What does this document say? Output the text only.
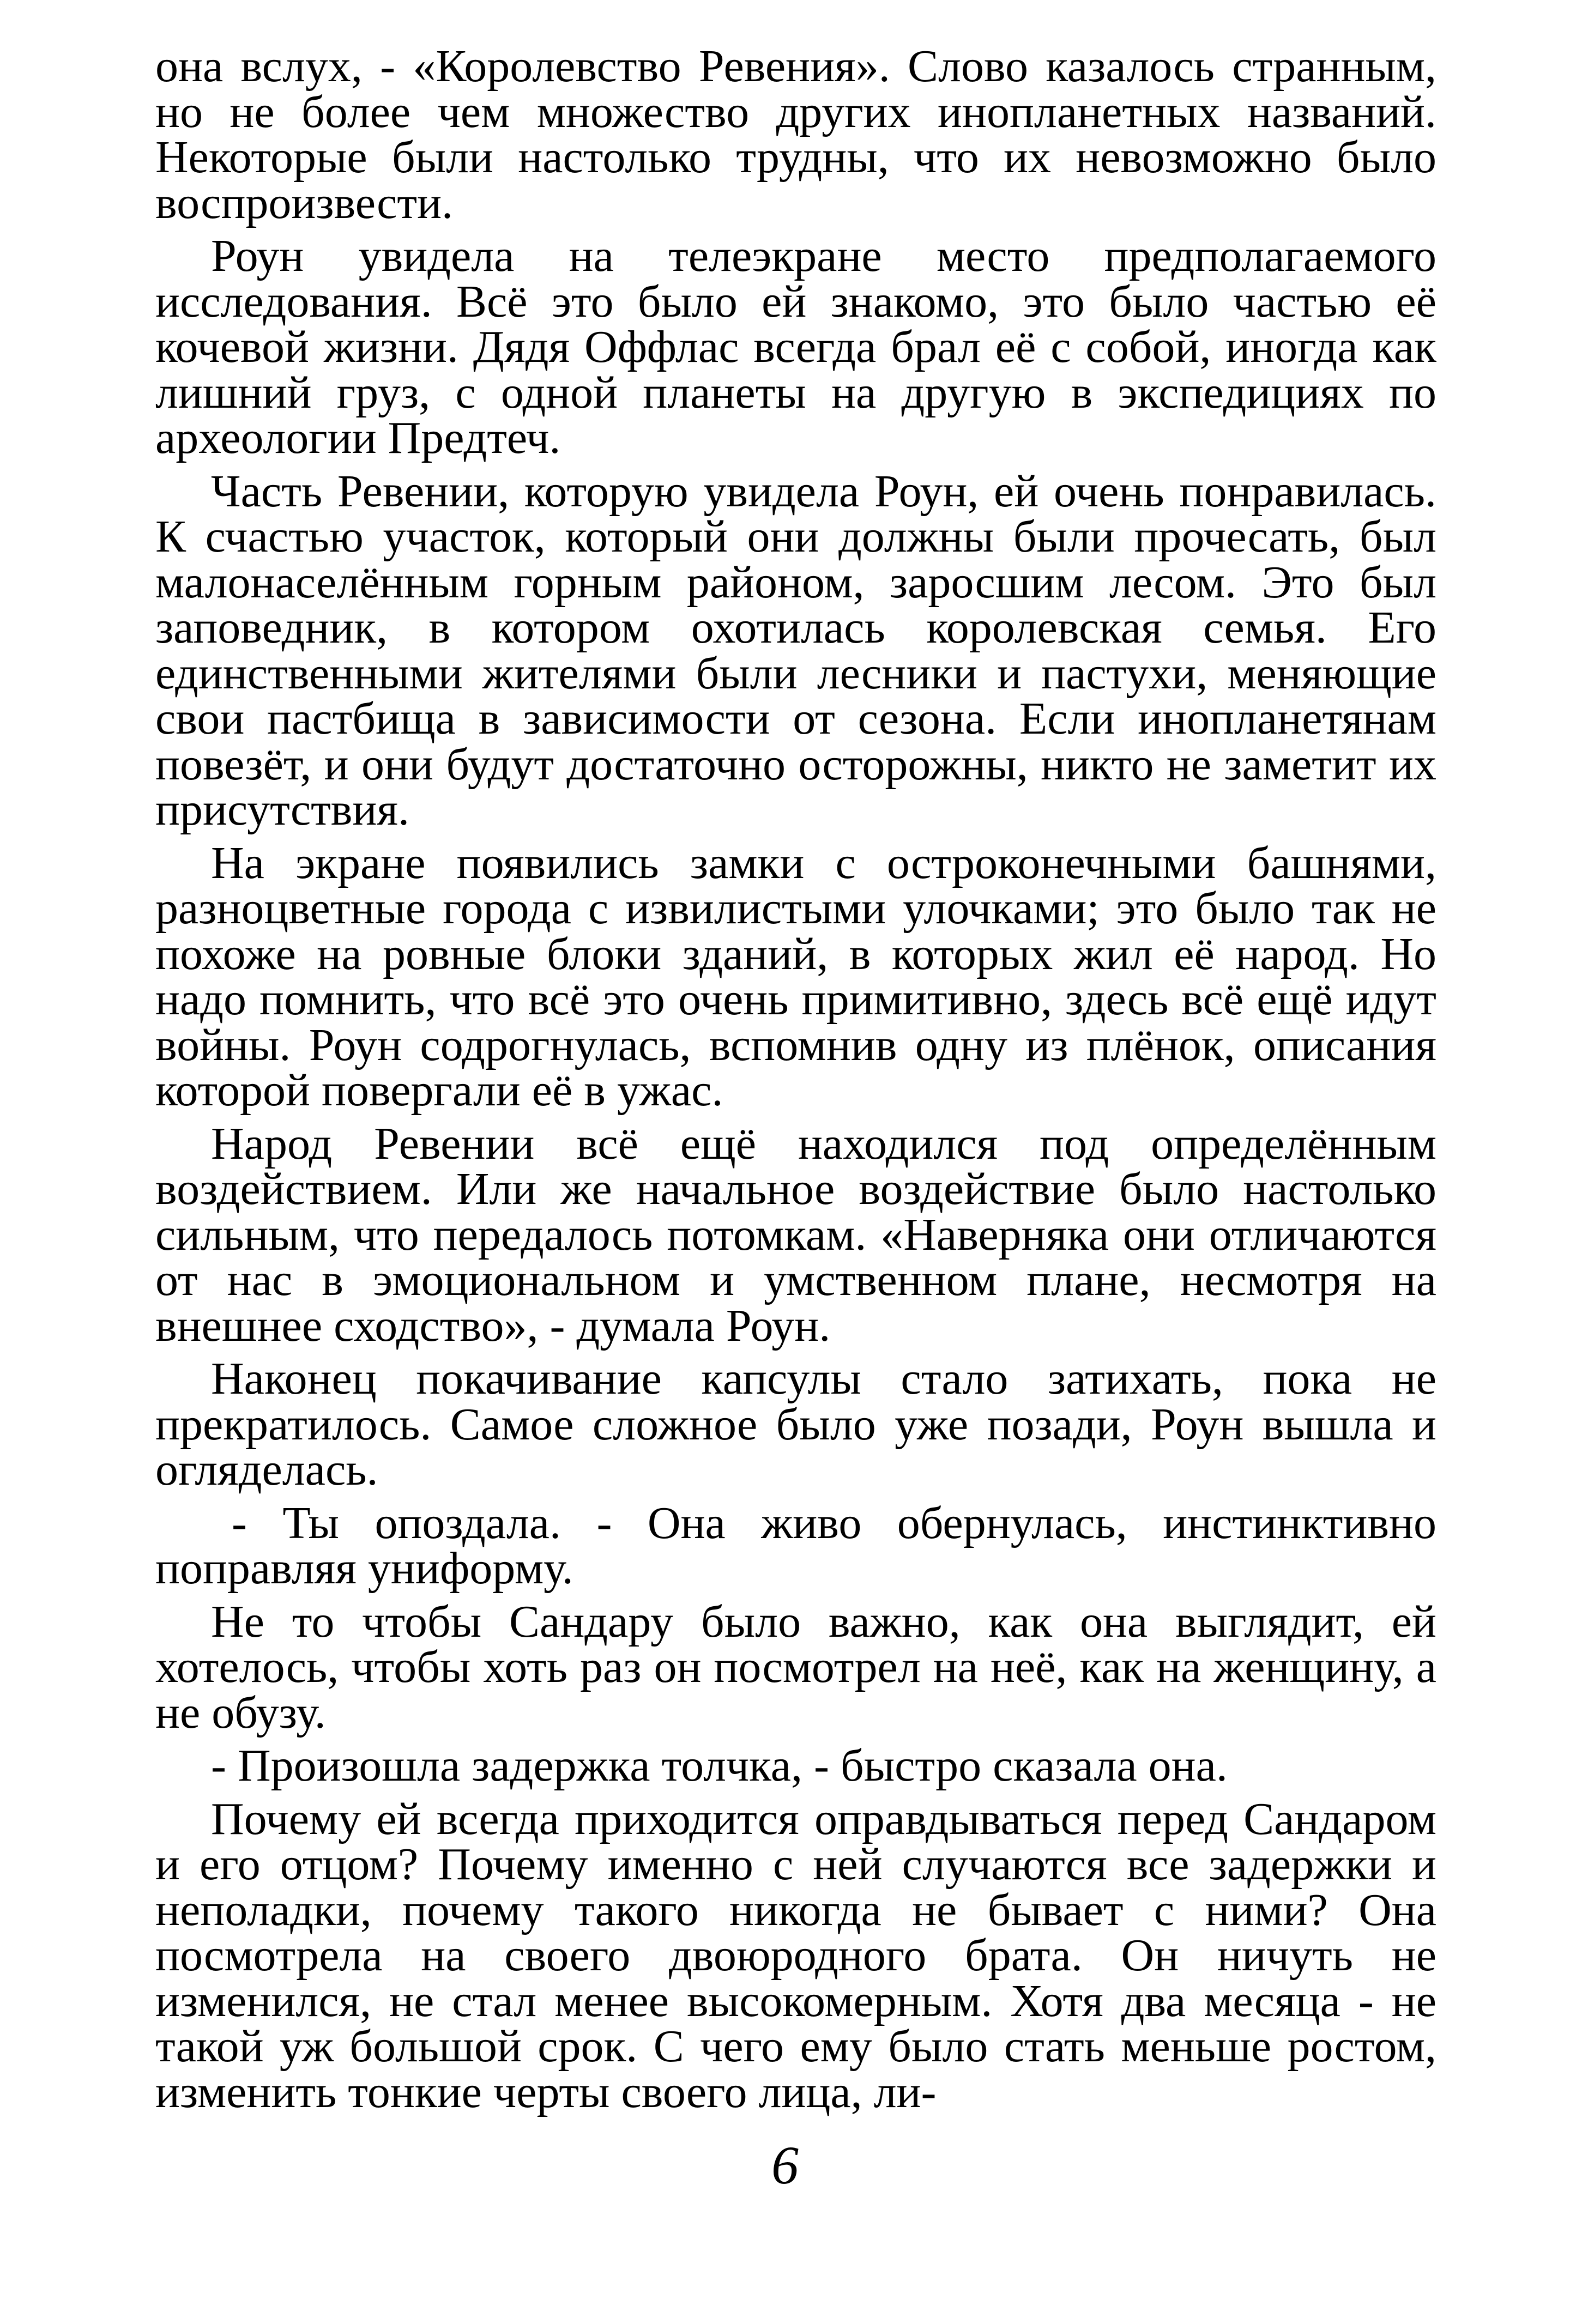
она вслух, - «Королевство Ревения». Слово казалось странным, но не более чем множество других инопланетных названий. Некоторые были настолько трудны, что их невозможно было воспроизвести.

Роун увидела на телеэкране место предполагаемого исследования. Всё это было ей знакомо, это было частью её кочевой жизни. Дядя Оффлас всегда брал её с собой, иногда как лишний груз, с одной планеты на другую в экспедициях по археологии Предтеч.

Часть Ревении, которую увидела Роун, ей очень понравилась. К счастью участок, который они должны были прочесать, был малонаселённым горным районом, заросшим лесом. Это был заповедник, в котором охотилась королевская семья. Его единственными жителями были лесники и пастухи, меняющие свои пастбища в зависимости от сезона. Если инопланетянам повезёт, и они будут достаточно осторожны, никто не заметит их присутствия.

На экране появились замки с остроконечными башнями, разноцветные города с извилистыми улочками; это было так не похоже на ровные блоки зданий, в которых жил её народ. Но надо помнить, что всё это очень примитивно, здесь всё ещё идут войны. Роун содрогнулась, вспомнив одну из плёнок, описания которой повергали её в ужас.

Народ Ревении всё ещё находился под определённым воздействием. Или же начальное воздействие было настолько сильным, что передалось потомкам. «Наверняка они отличаются от нас в эмоциональном и умственном плане, несмотря на внешнее сходство», - думала Роун.

Наконец покачивание капсулы стало затихать, пока не прекратилось. Самое сложное было уже позади, Роун вышла и огляделась.

- Ты опоздала. - Она живо обернулась, инстинктивно поправляя униформу.

Не то чтобы Сандару было важно, как она выглядит, ей хотелось, чтобы хоть раз он посмотрел на неё, как на женщину, а не обузу.

- Произошла задержка толчка, - быстро сказала она.

Почему ей всегда приходится оправдываться перед Сандаром и его отцом? Почему именно с ней случаются все задержки и неполадки, почему такого никогда не бывает с ними? Она посмотрела на своего двоюродного брата. Он ничуть не изменился, не стал менее высокомерным. Хотя два месяца - не такой уж большой срок. С чего ему было стать меньше ростом, изменить тонкие черты своего лица, ли-

6
